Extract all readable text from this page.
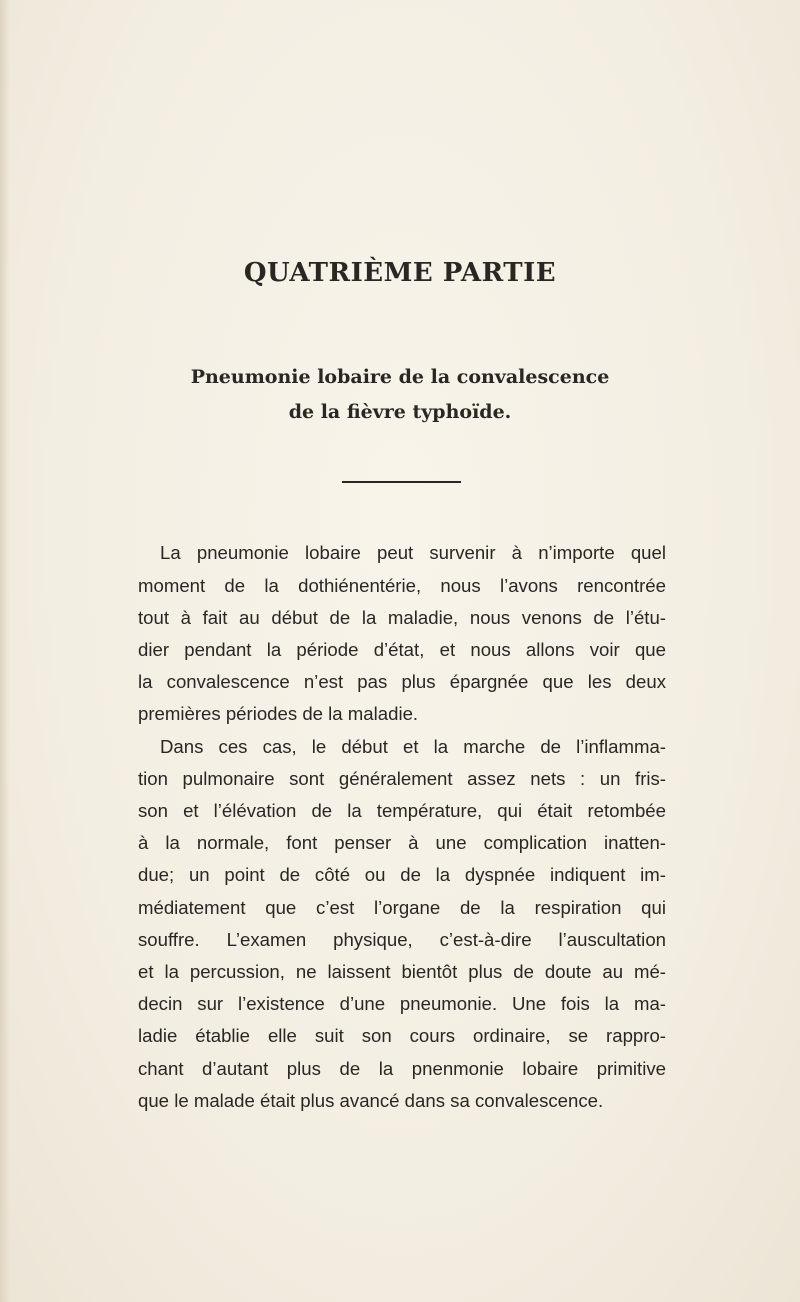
QUATRIÈME PARTIE
Pneumonie lobaire de la convalescence
de la fièvre typhoïde.
La pneumonie lobaire peut survenir à n’importe quel
moment de la dothiénentérie, nous l’avons rencontrée
tout à fait au début de la maladie, nous venons de l’étu-
dier pendant la période d’état, et nous allons voir que
la convalescence n’est pas plus épargnée que les deux
premières périodes de la maladie.
Dans ces cas, le début et la marche de l’inflamma-
tion pulmonaire sont généralement assez nets : un fris-
son et l’élévation de la température, qui était retombée
à la normale, font penser à une complication inatten-
due; un point de côté ou de la dyspnée indiquent im-
médiatement que c’est l’organe de la respiration qui
souffre. L’examen physique, c’est-à-dire l’auscultation
et la percussion, ne laissent bientôt plus de doute au mé-
decin sur l’existence d’une pneumonie. Une fois la ma-
ladie établie elle suit son cours ordinaire, se rappro-
chant d’autant plus de la pnenmonie lobaire primitive
que le malade était plus avancé dans sa convalescence.
